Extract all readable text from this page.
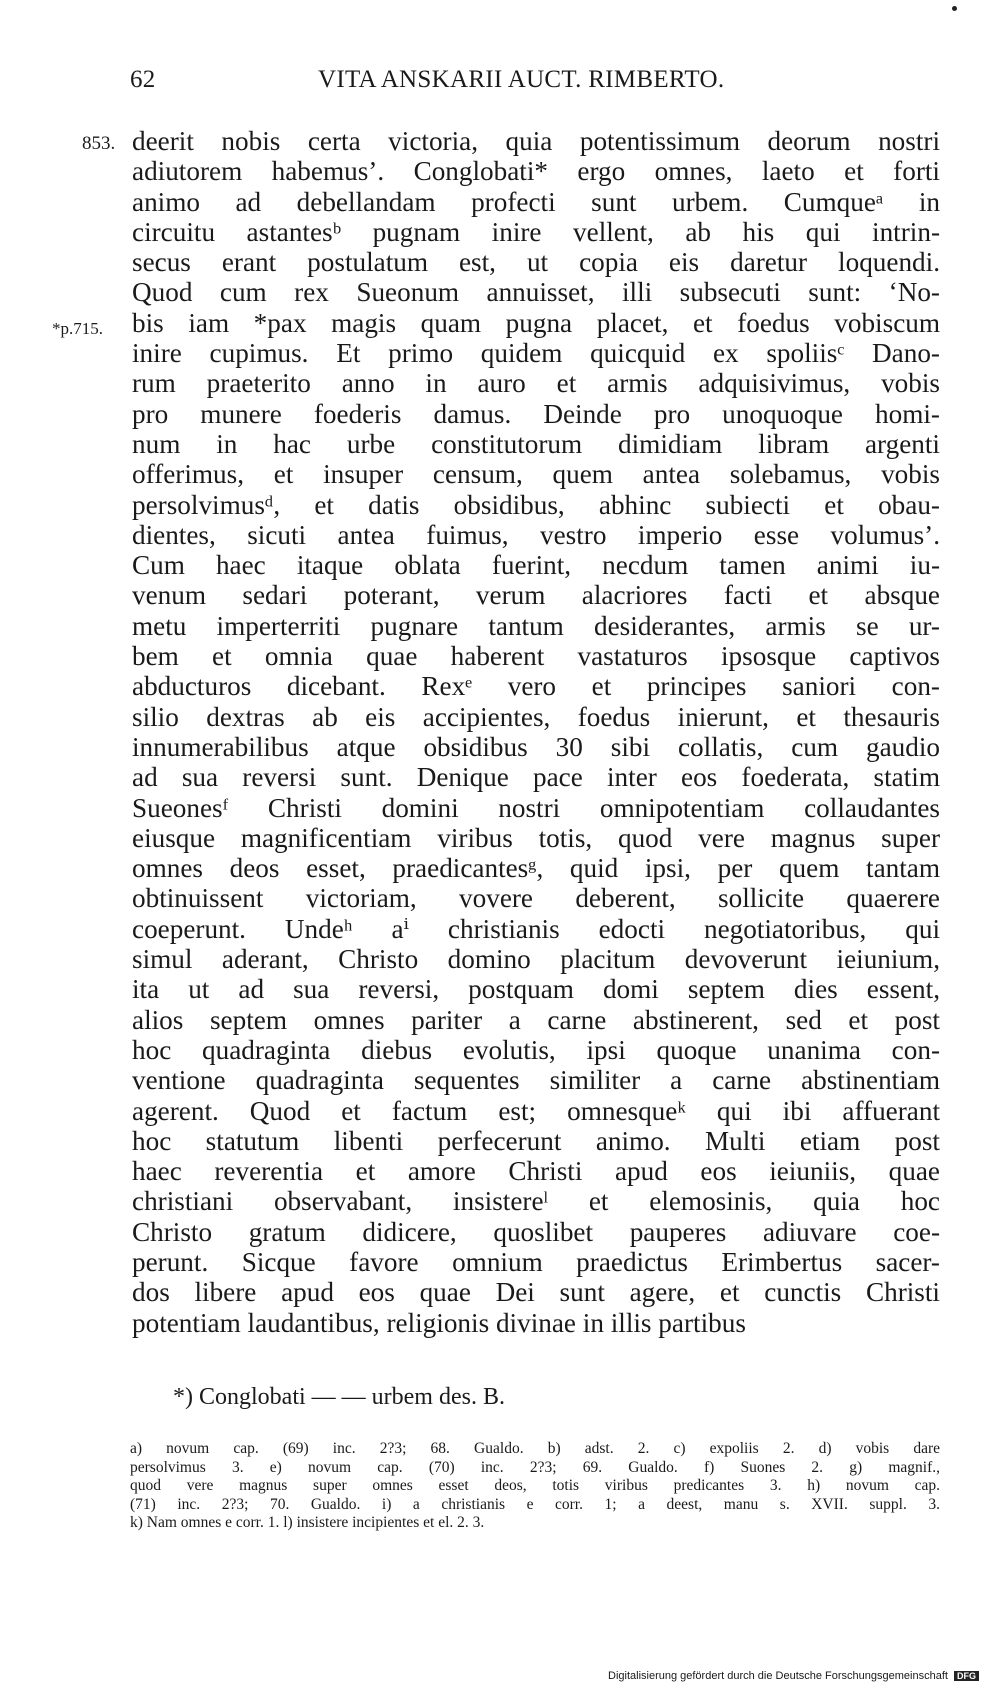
62	VITA ANSKARII AUCT. RIMBERTO.
853.
*p.715.
deerit nobis certa victoria, quia potentissimum deorum nostri
adiutorem habemus’. Conglobati* ergo omnes, laeto et forti
animo ad debellandam profecti sunt urbem. Cumqueᵃ in
circuitu astantesᵇ pugnam inire vellent, ab his qui intrin-
secus erant postulatum est, ut copia eis daretur loquendi.
Quod cum rex Sueonum annuisset, illi subsecuti sunt: ‘No-
bis iam *pax magis quam pugna placet, et foedus vobiscum
inire cupimus. Et primo quidem quicquid ex spoliisᶜ Dano-
rum praeterito anno in auro et armis adquisivimus, vobis
pro munere foederis damus. Deinde pro unoquoque homi-
num in hac urbe constitutorum dimidiam libram argenti
offerimus, et insuper censum, quem antea solebamus, vobis
persolvimusᵈ, et datis obsidibus, abhinc subiecti et obau-
dientes, sicuti antea fuimus, vestro imperio esse volumus’.
Cum haec itaque oblata fuerint, necdum tamen animi iu-
venum sedari poterant, verum alacriores facti et absque
metu imperterriti pugnare tantum desiderantes, armis se ur-
bem et omnia quae haberent vastaturos ipsosque captivos
abducturos dicebant. Rexᵉ vero et principes saniori con-
silio dextras ab eis accipientes, foedus inierunt, et thesauris
innumerabilibus atque obsidibus 30 sibi collatis, cum gaudio
ad sua reversi sunt. Denique pace inter eos foederata, statim
Sueonesᶠ Christi domini nostri omnipotentiam collaudantes
eiusque magnificentiam viribus totis, quod vere magnus super
omnes deos esset, praedicantesᵍ, quid ipsi, per quem tantam
obtinuissent victoriam, vovere deberent, sollicite quaerere
coeperunt. Undeʰ aⁱ christianis edocti negotiatoribus, qui
simul aderant, Christo domino placitum devoverunt ieiunium,
ita ut ad sua reversi, postquam domi septem dies essent,
alios septem omnes pariter a carne abstinerent, sed et post
hoc quadraginta diebus evolutis, ipsi quoque unanima con-
ventione quadraginta sequentes similiter a carne abstinentiam
agerent. Quod et factum est; omnesqueᵏ qui ibi affuerant
hoc statutum libenti perfecerunt animo. Multi etiam post
haec reverentia et amore Christi apud eos ieiuniis, quae
christiani observabant, insistereˡ et elemosinis, quia hoc
Christo gratum didicere, quoslibet pauperes adiuvare coe-
perunt. Sicque favore omnium praedictus Erimbertus sacer-
dos libere apud eos quae Dei sunt agere, et cunctis Christi
potentiam laudantibus, religionis divinae in illis partibus
*) Conglobati — — urbem des. B.
a) novum cap. (69) inc. 2?3; 68. Gualdo. b) adst. 2. c) expoliis 2. d) vobis dare
persolvimus 3. e) novum cap. (70) inc. 2?3; 69. Gualdo. f) Suones 2. g) magnif.,
quod vere magnus super omnes esset deos, totis viribus predicantes 3. h) novum cap.
(71) inc. 2?3; 70. Gualdo. i) a christianis e corr. 1; a deest, manu s. XVII. suppl. 3.
k) Nam omnes e corr. 1. l) insistere incipientes et el. 2. 3.
Digitalisierung gefördert durch die Deutsche Forschungsgemeinschaft DFG
